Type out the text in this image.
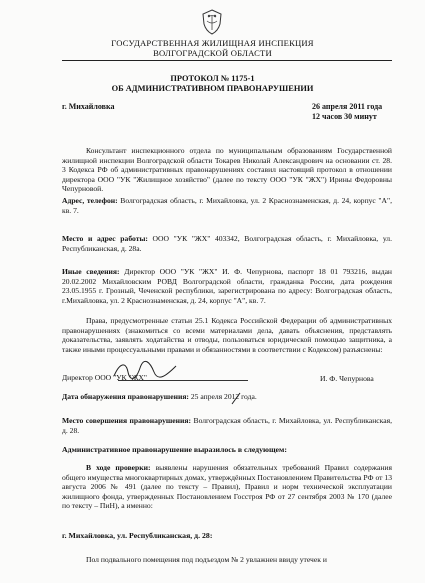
ГОСУДАРСТВЕННАЯ ЖИЛИЩНАЯ ИНСПЕКЦИЯ
ВОЛГОГРАДСКОЙ ОБЛАСТИ
ПРОТОКОЛ № 1175-1
ОБ АДМИНИСТРАТИВНОМ ПРАВОНАРУШЕНИИ
г. Михайловка	26 апреля 2011 года
12 часов 30 минут
Консультант инспекционного отдела по муниципальным образованиям Государственной жилищной инспекции Волгоградской области Токарев Николай Александрович на основании ст. 28. 3 Кодекса РФ об административных правонарушениях составил настоящий протокол в отношении директора ООО "УК "Жилищное хозяйство" (далее по тексту ООО "УК "ЖХ") Ирины Федоровны Чепурновой.
Адрес, телефон: Волгоградская область, г. Михайловка, ул. 2 Краснознаменская, д. 24, корпус "А", кв. 7.
Место и адрес работы: ООО "УК "ЖХ" 403342, Волгоградская область, г. Михайловка, ул. Республиканская, д. 28а.
Иные сведения: Директор ООО "УК "ЖХ" И. Ф. Чепурнова, паспорт 18 01 793216, выдан 20.02.2002 Михайловским РОВД Волгоградской области, гражданка России, дата рождения 23.05.1955 г. Грозный, Чеченской республики, зарегистрирована по адресу: Волгоградская область, г.Михайловка, ул. 2 Краснознаменская, д. 24, корпус "А", кв. 7.
Права, предусмотренные статьи 25.1 Кодекса Российской Федерации об административных правонарушениях (знакомиться со всеми материалами дела, давать объяснения, представлять доказательства, заявлять ходатайства и отводы, пользоваться юридической помощью защитника, а также иными процессуальными правами и обязанностями в соответствии с Кодексом) разъяснены:
Директор ООО "УК "ЖХ"	И. Ф. Чепурнова
Дата обнаружения правонарушения: 25 апреля 2012 года.
Место совершения правонарушения: Волгоградская область, г. Михайловка, ул. Республиканская, д. 28.
Административное правонарушение выразилось в следующем:
В ходе проверки: выявлены нарушения обязательных требований Правил содержания общего имущества многоквартирных домах, утверждённых Постановлением Правительства РФ от 13 августа 2006 № 491 (далее по тексту – Правил), Правил и норм технической эксплуатации жилищного фонда, утвержденных Постановлением Госстроя РФ от 27 сентября 2003 № 170 (далее по тексту – ПиН), а именно:
г. Михайловка, ул. Республиканская, д. 28:
Пол подвального помещения под подъездом № 2 увлажнен ввиду утечек и
